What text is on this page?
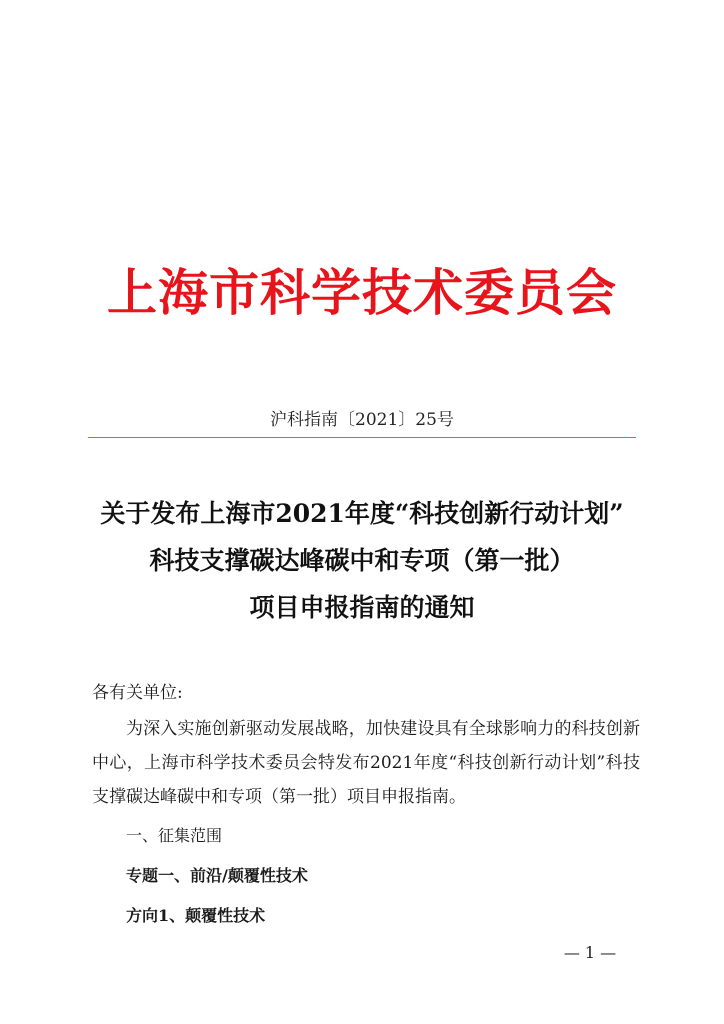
上海市科学技术委员会
沪科指南〔2021〕25号
关于发布上海市2021年度“科技创新行动计划”
科技支撑碳达峰碳中和专项（第一批）
项目申报指南的通知
各有关单位:
为深入实施创新驱动发展战略，加快建设具有全球影响力的科技创新中心，上海市科学技术委员会特发布2021年度“科技创新行动计划”科技支撑碳达峰碳中和专项（第一批）项目申报指南。
一、征集范围
专题一、前沿/颠覆性技术
方向1、颠覆性技术
— 1 —
